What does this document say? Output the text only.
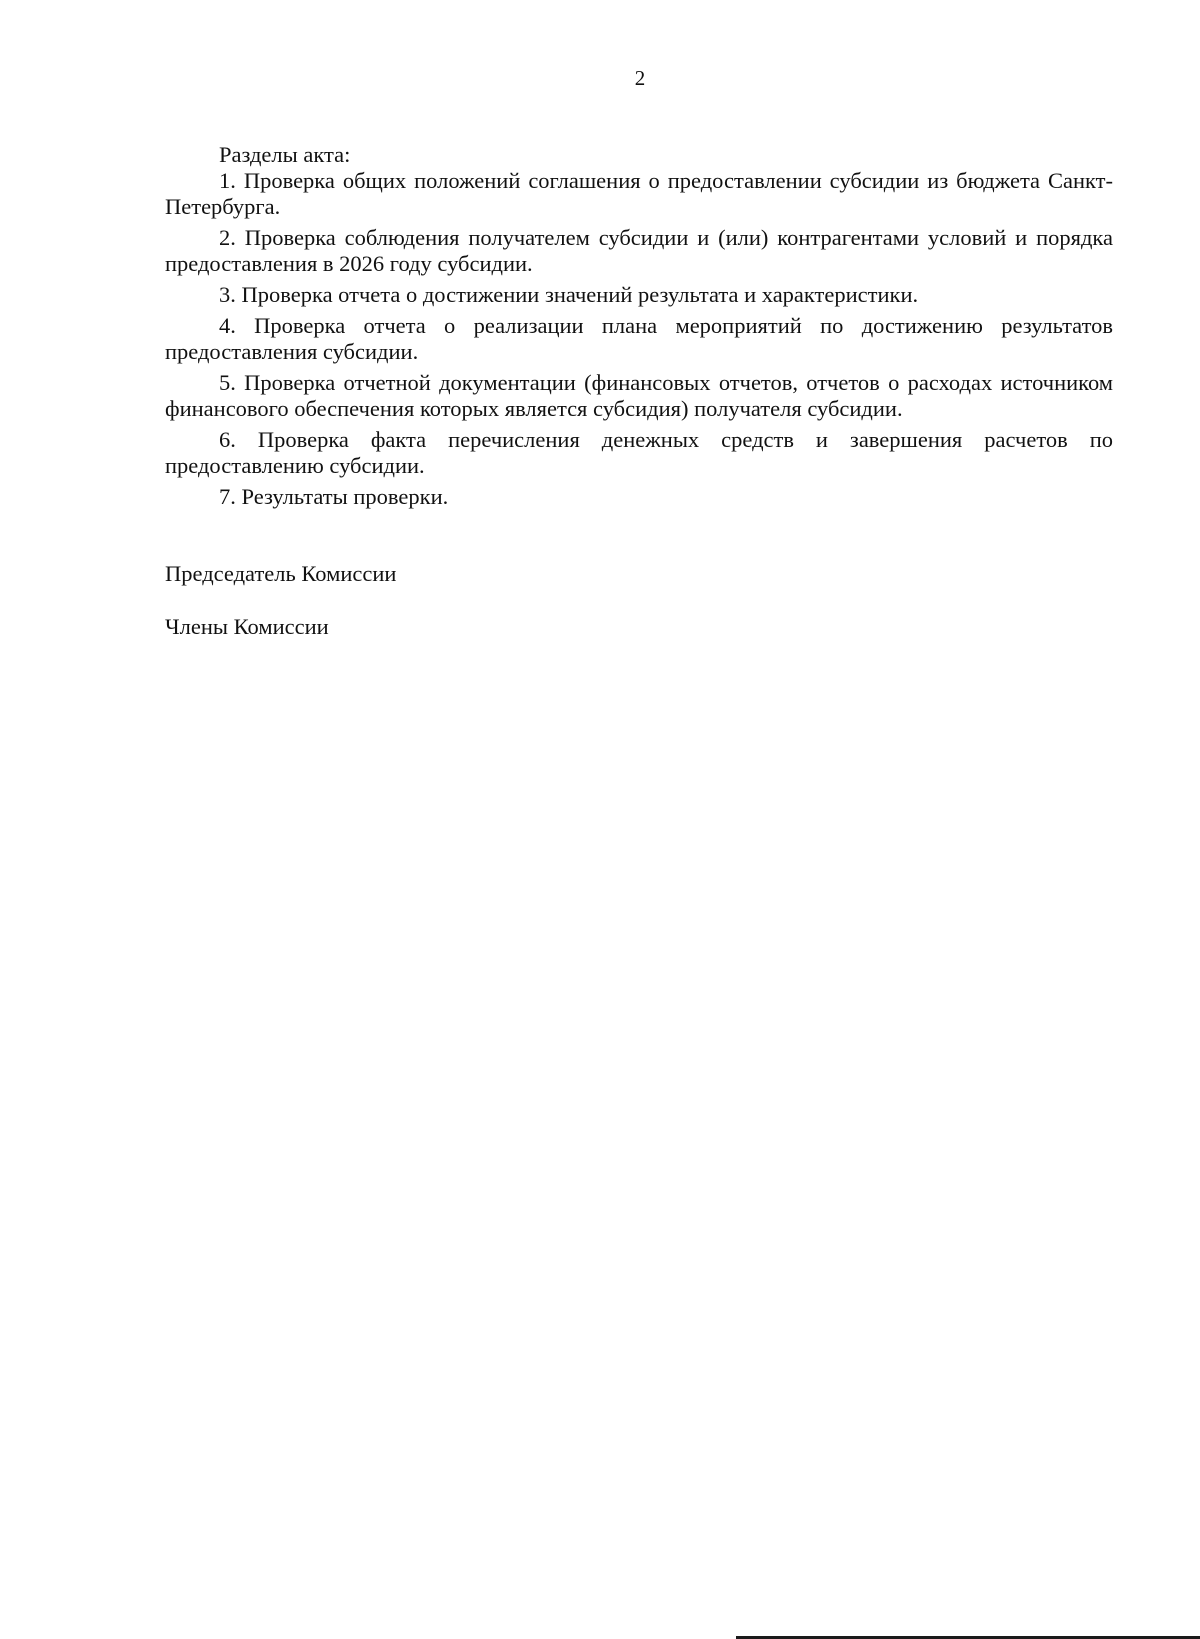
2

Разделы акта:

1. Проверка общих положений соглашения о предоставлении субсидии из бюджета Санкт-Петербурга.

2. Проверка соблюдения получателем субсидии и (или) контрагентами условий и порядка предоставления в 2026 году субсидии.

3. Проверка отчета о достижении значений результата и характеристики.

4. Проверка отчета о реализации плана мероприятий по достижению результатов предоставления субсидии.

5. Проверка отчетной документации (финансовых отчетов, отчетов о расходах источником финансового обеспечения которых является субсидия) получателя субсидии.

6. Проверка факта перечисления денежных средств и завершения расчетов по предоставлению субсидии.

7. Результаты проверки.

Председатель Комиссии
Члены Комиссии
